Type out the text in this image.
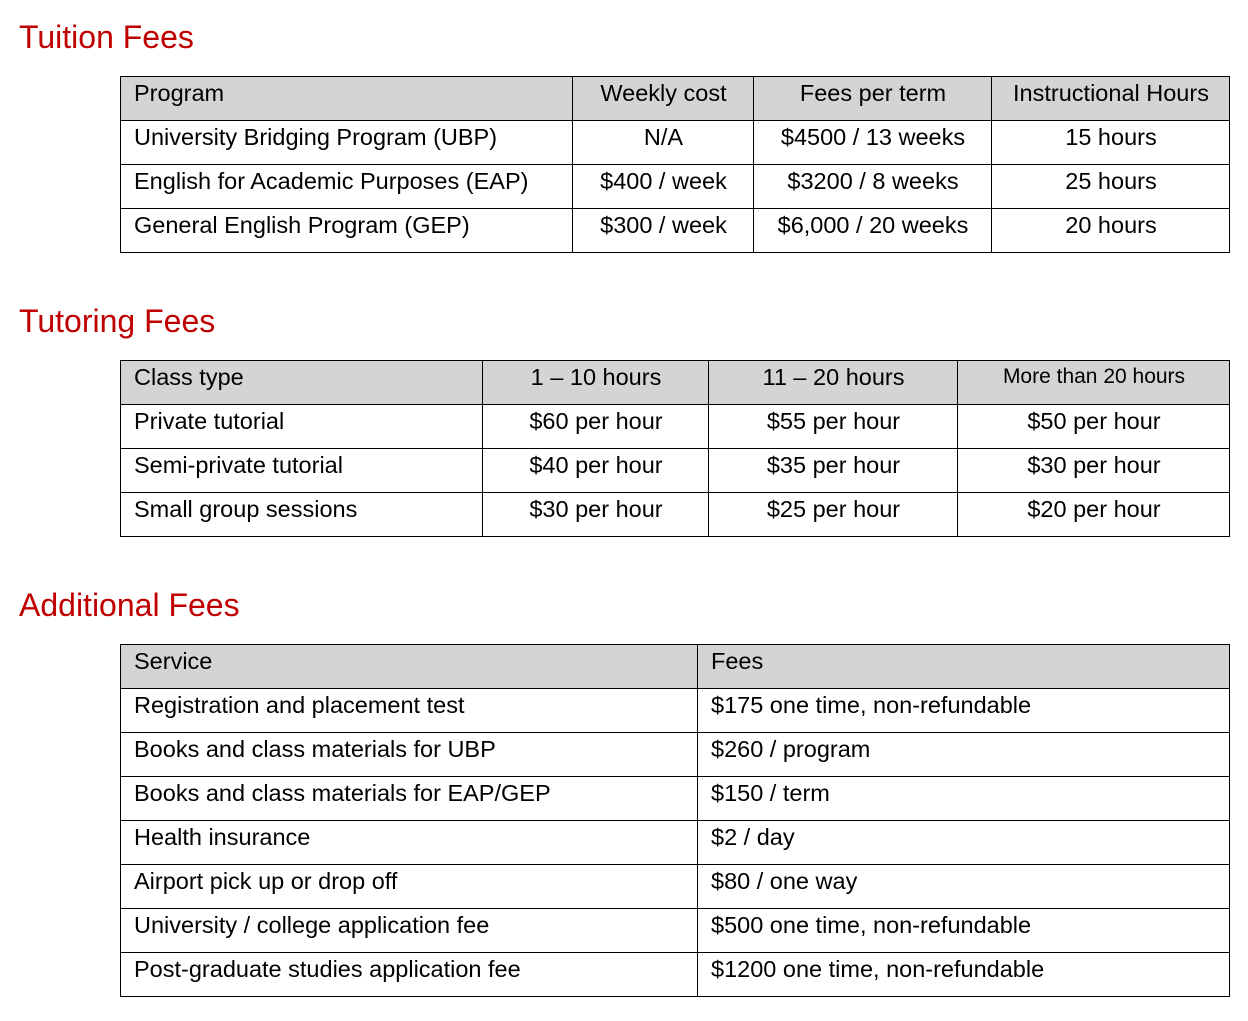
Tuition Fees
Program	Weekly cost	Fees per term	Instructional Hours
University Bridging Program (UBP)	N/A	$4500 / 13 weeks	15 hours
English for Academic Purposes (EAP)	$400 / week	$3200 / 8 weeks	25 hours
General English Program (GEP)	$300 / week	$6,000 / 20 weeks	20 hours
Tutoring Fees
Class type	1 – 10 hours	11 – 20 hours	More than 20 hours
Private tutorial	$60 per hour	$55 per hour	$50 per hour
Semi-private tutorial	$40 per hour	$35 per hour	$30 per hour
Small group sessions	$30 per hour	$25 per hour	$20 per hour
Additional Fees
Service	Fees
Registration and placement test	$175 one time, non-refundable
Books and class materials for UBP	$260 / program
Books and class materials for EAP/GEP	$150 / term
Health insurance	$2 / day
Airport pick up or drop off	$80 / one way
University / college application fee	$500 one time, non-refundable
Post-graduate studies application fee	$1200 one time, non-refundable
